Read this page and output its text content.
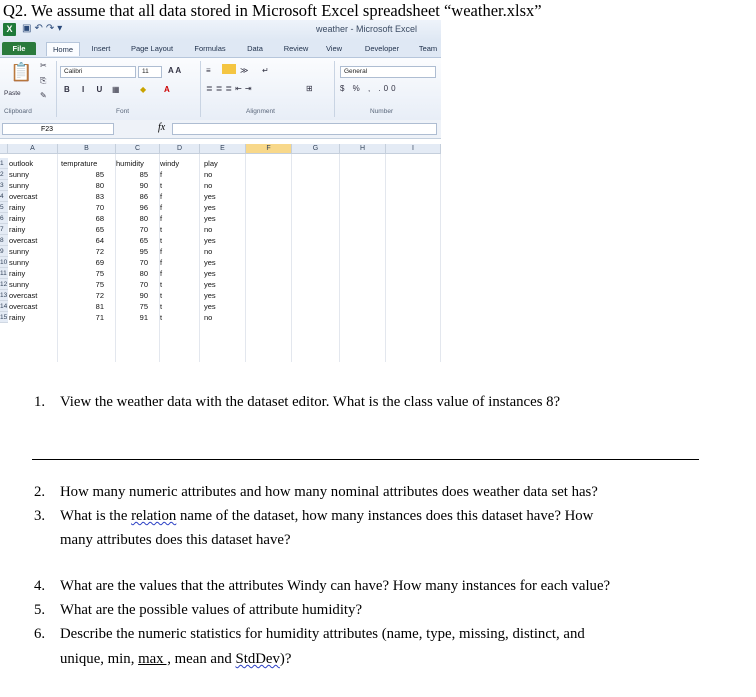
Q2. We assume that all data stored in Microsoft Excel spreadsheet “weather.xlsx”
X ▣↶↷▾	weather - Microsoft Excel
File	Home	Insert	Page Layout	Formulas	Data	Review	View	Developer	Team
📋
Paste
✂
⎘
✎
Clipboard
Calibri	11	A A
B I U ▦	◆ A
Font
≡	≫ ↵
≣≣≣⇤⇥	⊞
Alignment
General
$ % , .00
Number
F23	fx
A	B	C	D	E	F	G	H	I
1 outlook	temprature	humidity windy	play
2 sunny	85	85 f	no
3 sunny	80	90 t	no
4 overcast	83	86 f	yes
5 rainy	70	96 f	yes
6 rainy	68	80 f	yes
7 rainy	65	70 t	no
8 overcast	64	65 t	yes
9 sunny	72	95 f	no
10 sunny	69	70 f	yes
11 rainy	75	80 f	yes
12 sunny	75	70 t	yes
13 overcast	72	90 t	yes
14 overcast	81	75 t	yes
15 rainy	71	91 t	no
1. View the weather data with the dataset editor. What is the class value of instances 8?
2. How many numeric attributes and how many nominal attributes does weather data set has?
3. What is the relation name of the dataset, how many instances does this dataset have? How
many attributes does this dataset have?
4. What are the values that the attributes Windy can have? How many instances for each value?
5. What are the possible values of attribute humidity?
6. Describe the numeric statistics for humidity attributes (name, type, missing, distinct, and
unique, min, max , mean and StdDev)?
